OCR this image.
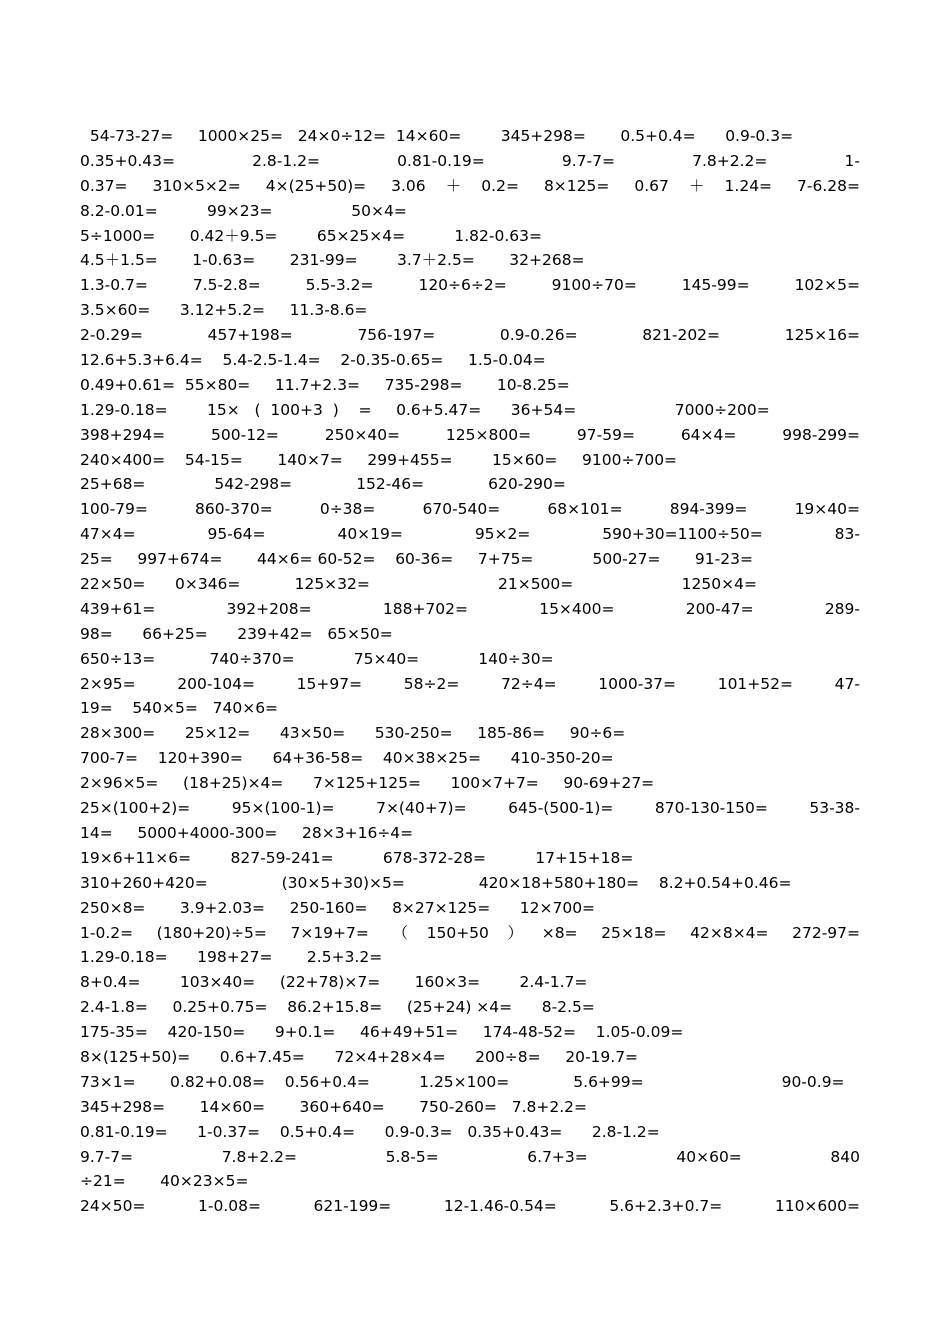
54-73-27=     1000×25=   24×0÷12=  14×60=        345+298=       0.5+0.4=      0.9-0.3=
0.35+0.43= 2.8-1.2= 0.81-0.19= 9.7-7= 7.8+2.2= 1-
0.37= 310×5×2= 4×(25+50)= 3.06＋0.2= 8×125= 0.67＋1.24= 7-6.28=
8.2-0.01=          99×23=                50×4=
5÷1000=       0.42＋9.5=        65×25×4=          1.82-0.63=
4.5＋1.5=       1-0.63=       231-99=        3.7＋2.5=       32+268=
1.3-0.7= 7.5-2.8= 5.5-3.2= 120÷6÷2= 9100÷70= 145-99= 102×5=
3.5×60=      3.12+5.2=     11.3-8.6=
2-0.29= 457+198= 756-197= 0.9-0.26= 821-202= 125×16=
12.6+5.3+6.4=    5.4-2.5-1.4=    2-0.35-0.65=     1.5-0.04=
0.49+0.61=  55×80=     11.7+2.3=     735-298=       10-8.25=
1.29-0.18=        15×   (  100+3  )    =     0.6+5.47=      36+54=                    7000÷200=
398+294= 500-12= 250×40= 125×800= 97-59= 64×4= 998-299=
240×400=    54-15=       140×7=     299+455=        15×60=     9100÷700=
25+68=              542-298=             152-46=             620-290=
100-79= 860-370= 0÷38= 670-540= 68×101= 894-399= 19×40=
47×4= 95-64= 40×19= 95×2= 590+30=1100÷50= 83-
25=     997+674=       44×6= 60-52=    60-36=     7+75=            500-27=       91-23=
22×50=      0×346=           125×32=                          21×500=                      1250×4=
439+61= 392+208= 188+702= 15×400= 200-47= 289-
98=      66+25=      239+42=   65×50=
650÷13=           740÷370=            75×40=            140÷30=
2×95= 200-104= 15+97= 58÷2= 72÷4= 1000-37= 101+52= 47-
19=    540×5=   740×6=
28×300=      25×12=      43×50=      530-250=     185-86=     90÷6=
700-7=    120+390=      64+36-58=    40×38×25=      410-350-20=
2×96×5=     (18+25)×4=      7×125+125=      100×7+7=     90-69+27=
25×(100+2)= 95×(100-1)= 7×(40+7)= 645-(500-1)= 870-130-150= 53-38-
14=     5000+4000-300=     28×3+16÷4=
19×6+11×6=        827-59-241=          678-372-28=          17+15+18=
310+260+420=               (30×5+30)×5=               420×18+580+180=    8.2+0.54+0.46=
250×8=       3.9+2.03=     250-160=     8×27×125=      12×700=
1-0.2= (180+20)÷5= 7×19+7= （150+50）×8= 25×18= 42×8×4= 272-97=
1.29-0.18=      198+27=       2.5+3.2=
8+0.4=        103×40=     (22+78)×7=       160×3=        2.4-1.7=
2.4-1.8=     0.25+0.75=    86.2+15.8=     (25+24) ×4=      8-2.5=
175-35=    420-150=      9+0.1=     46+49+51=     174-48-52=    1.05-0.09=
8×(125+50)=      0.6+7.45=      72×4+28×4=      200÷8=     20-19.7=
73×1=       0.82+0.08=    0.56+0.4=          1.25×100=             5.6+99=                            90-0.9=
345+298=       14×60=       360+640=       750-260=   7.8+2.2=
0.81-0.19=      1-0.37=    0.5+0.4=      0.9-0.3=   0.35+0.43=      2.8-1.2=
9.7-7= 7.8+2.2= 5.8-5= 6.7+3= 40×60= 840
÷21=       40×23×5=
24×50= 1-0.08= 621-199= 12-1.46-0.54= 5.6+2.3+0.7= 110×600=
